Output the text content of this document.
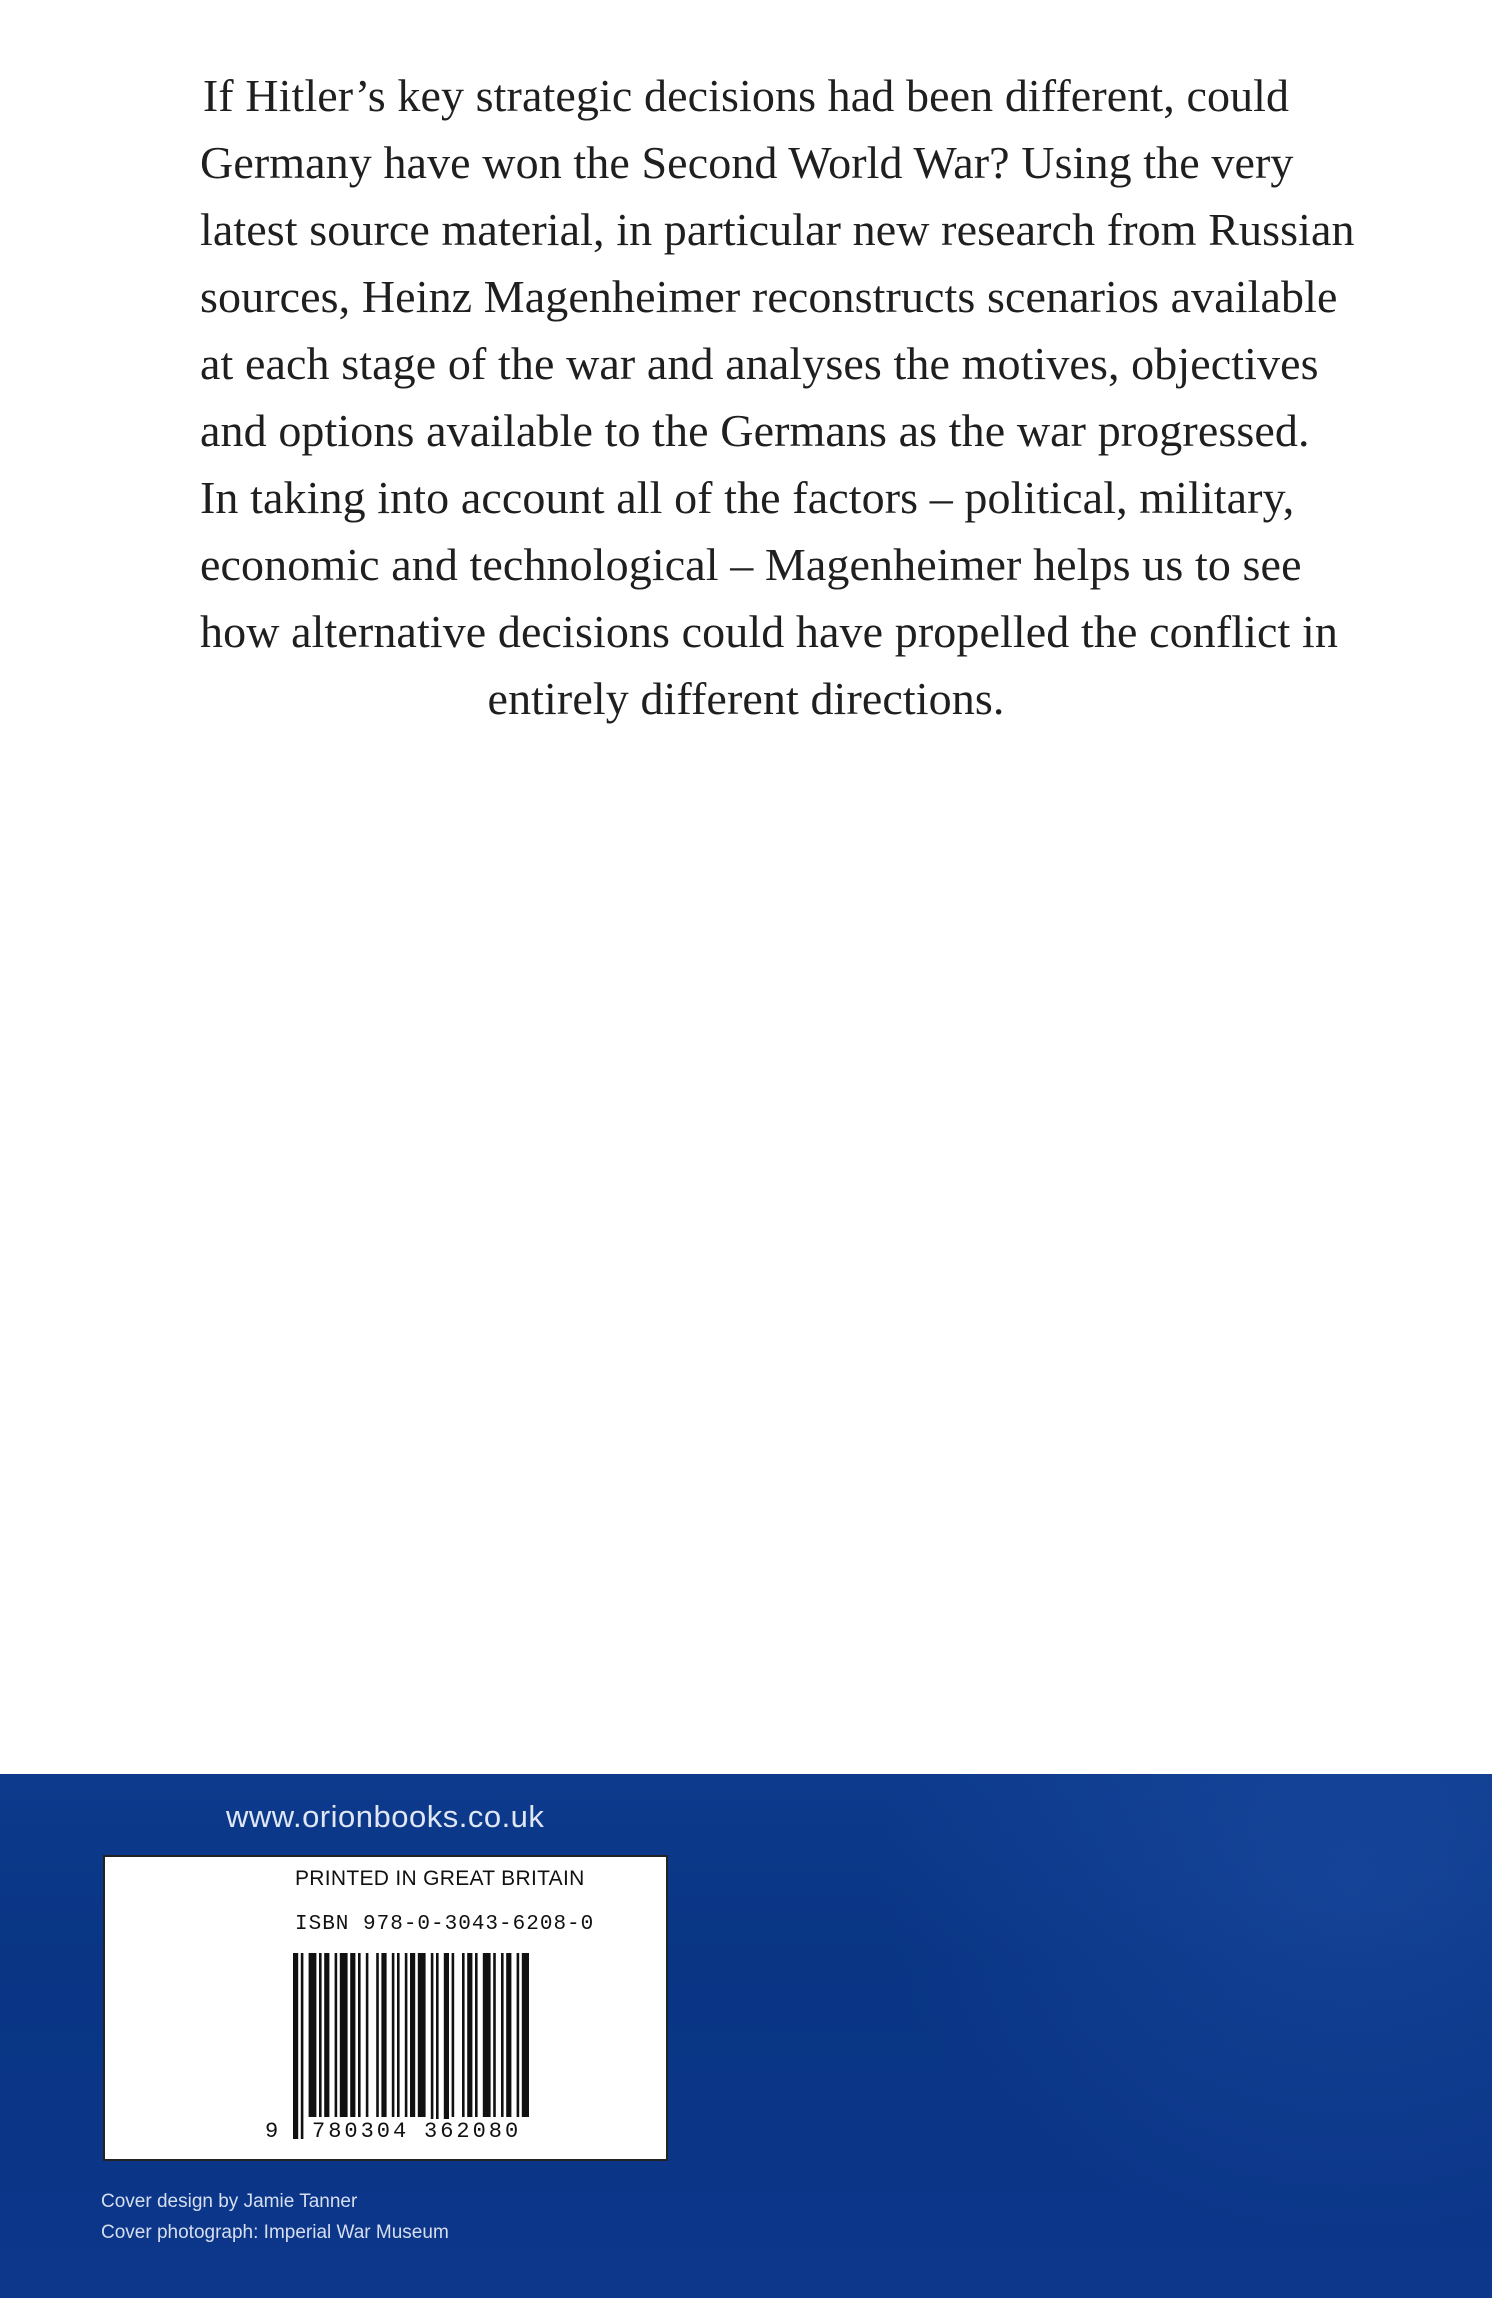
If Hitler’s key strategic decisions had been different, could
Germany have won the Second World War? Using the very
latest source material, in particular new research from Russian
sources, Heinz Magenheimer reconstructs scenarios available
at each stage of the war and analyses the motives, objectives
and options available to the Germans as the war progressed.
In taking into account all of the factors – political, military,
economic and technological – Magenheimer helps us to see
how alternative decisions could have propelled the conflict in
entirely different directions.
www.orionbooks.co.uk
PRINTED IN GREAT BRITAIN
ISBN 978-0-3043-6208-0
9 780304 362080
Cover design by Jamie Tanner
Cover photograph: Imperial War Museum
